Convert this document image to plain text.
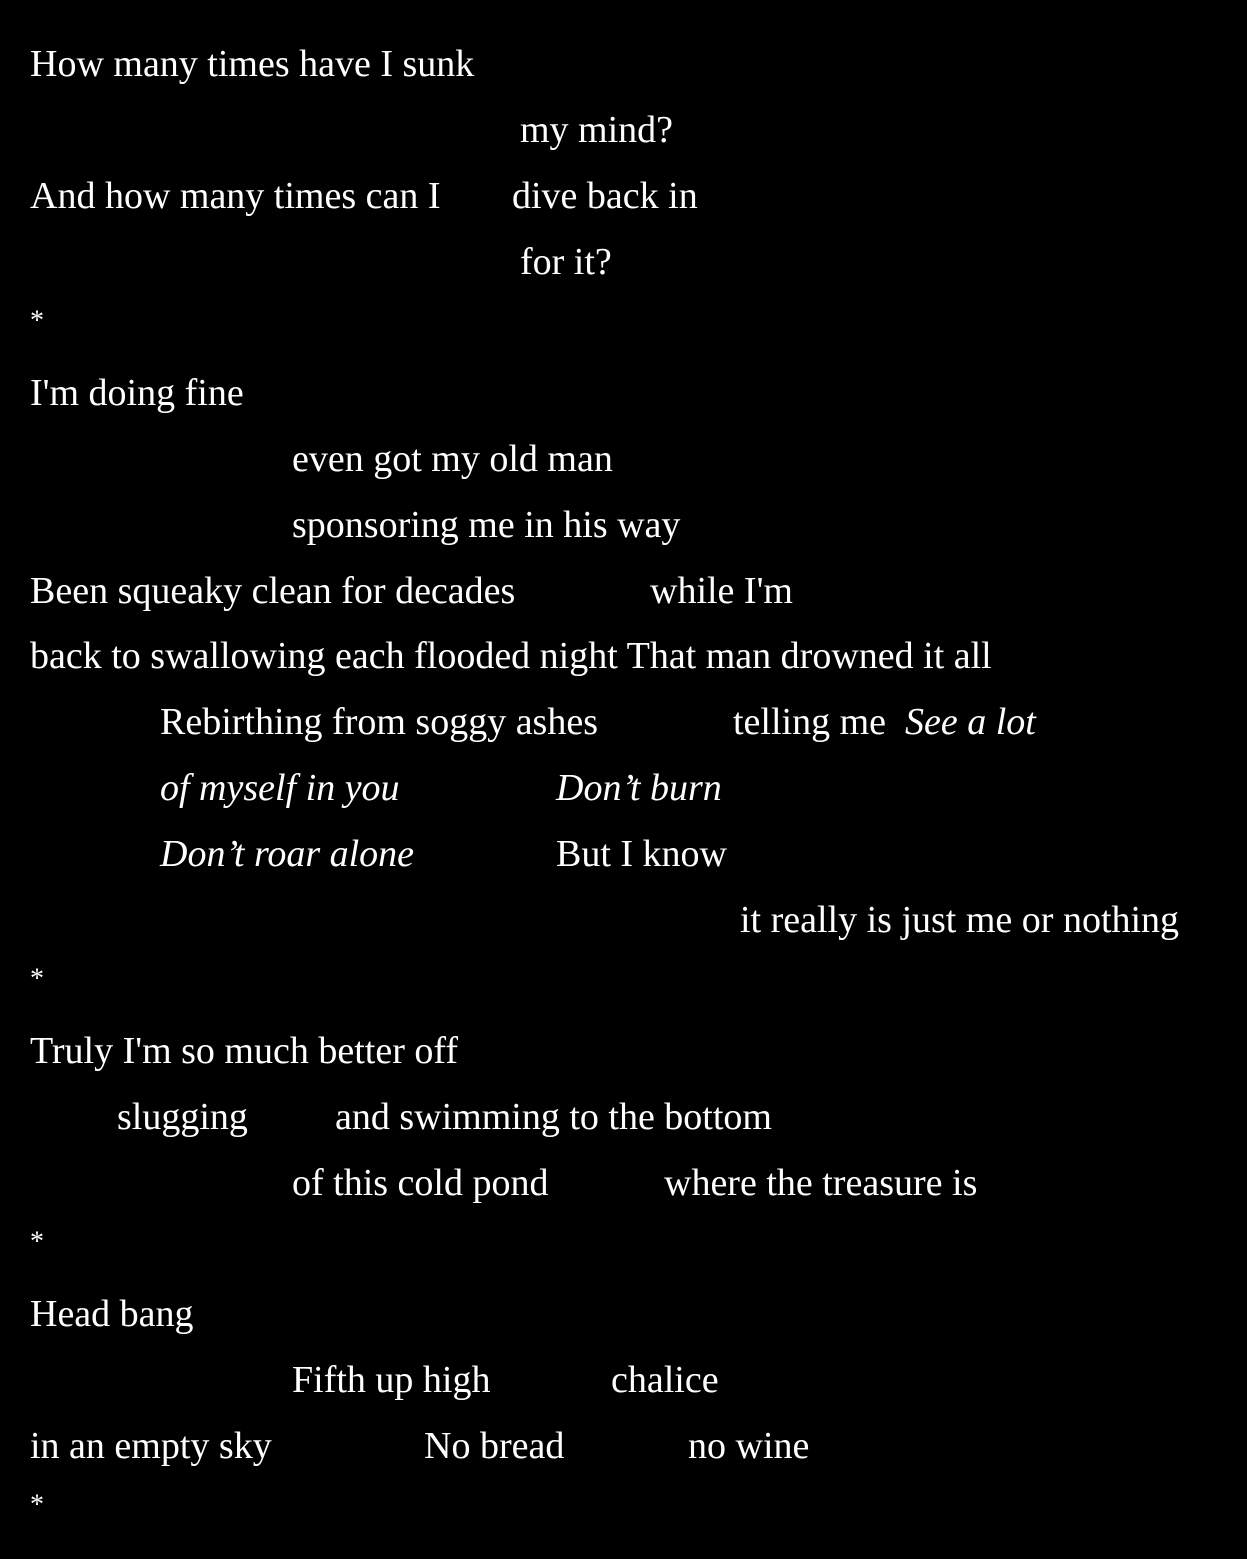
How many times have I sunk
my mind?
And how many times can I dive back in
for it?
*
I'm doing fine
even got my old man
sponsoring me in his way
Been squeaky clean for decades	while I'm
back to swallowing each flooded night That man drowned it all
Rebirthing from soggy ashes	telling me See a lot
of myself in you	Don’t burn
Don’t roar alone	But I know
it really is just me or nothing
*
Truly I'm so much better off
slugging and swimming to the bottom
of this cold pond	where the treasure is
*
Head bang
Fifth up high	chalice
in an empty sky	No bread	no wine
*
